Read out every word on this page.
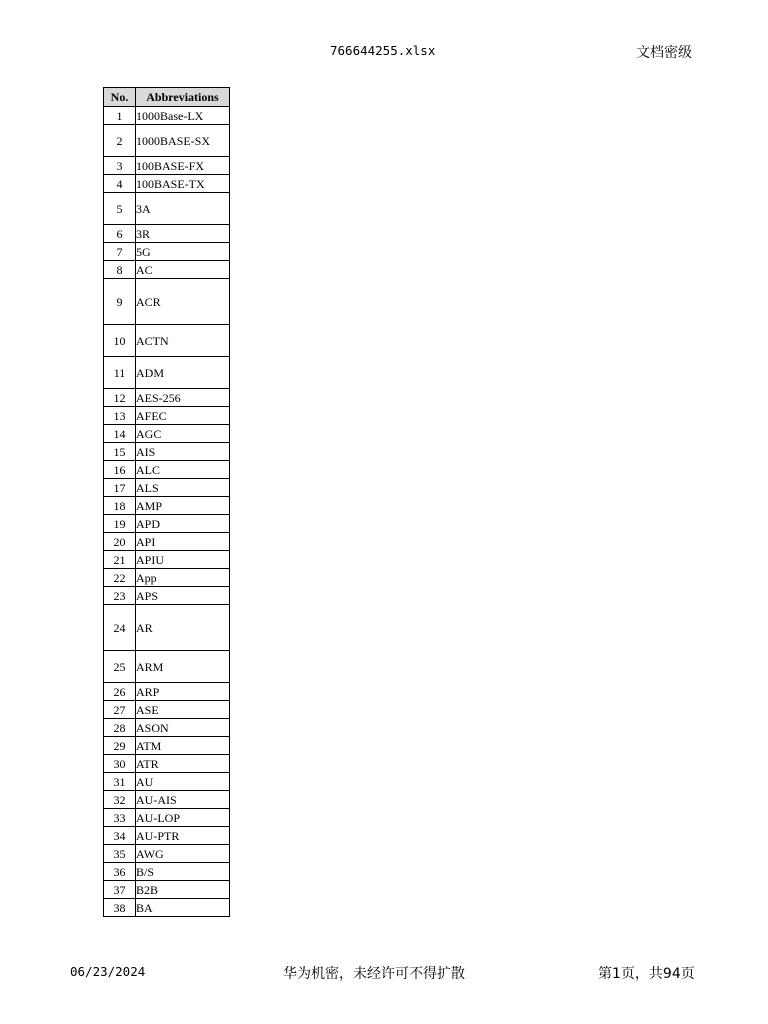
766644255.xlsx	文档密级
No.	Abbreviations
1	1000Base-LX
2	1000BASE-SX
3	100BASE-FX
4	100BASE-TX
5	3A
6	3R
7	5G
8	AC
9	ACR
10	ACTN
11	ADM
12	AES-256
13	AFEC
14	AGC
15	AIS
16	ALC
17	ALS
18	AMP
19	APD
20	API
21	APIU
22	App
23	APS
24	AR
25	ARM
26	ARP
27	ASE
28	ASON
29	ATM
30	ATR
31	AU
32	AU-AIS
33	AU-LOP
34	AU-PTR
35	AWG
36	B/S
37	B2B
38	BA
06/23/2024	华为机密，未经许可不得扩散	第1页，共94页
